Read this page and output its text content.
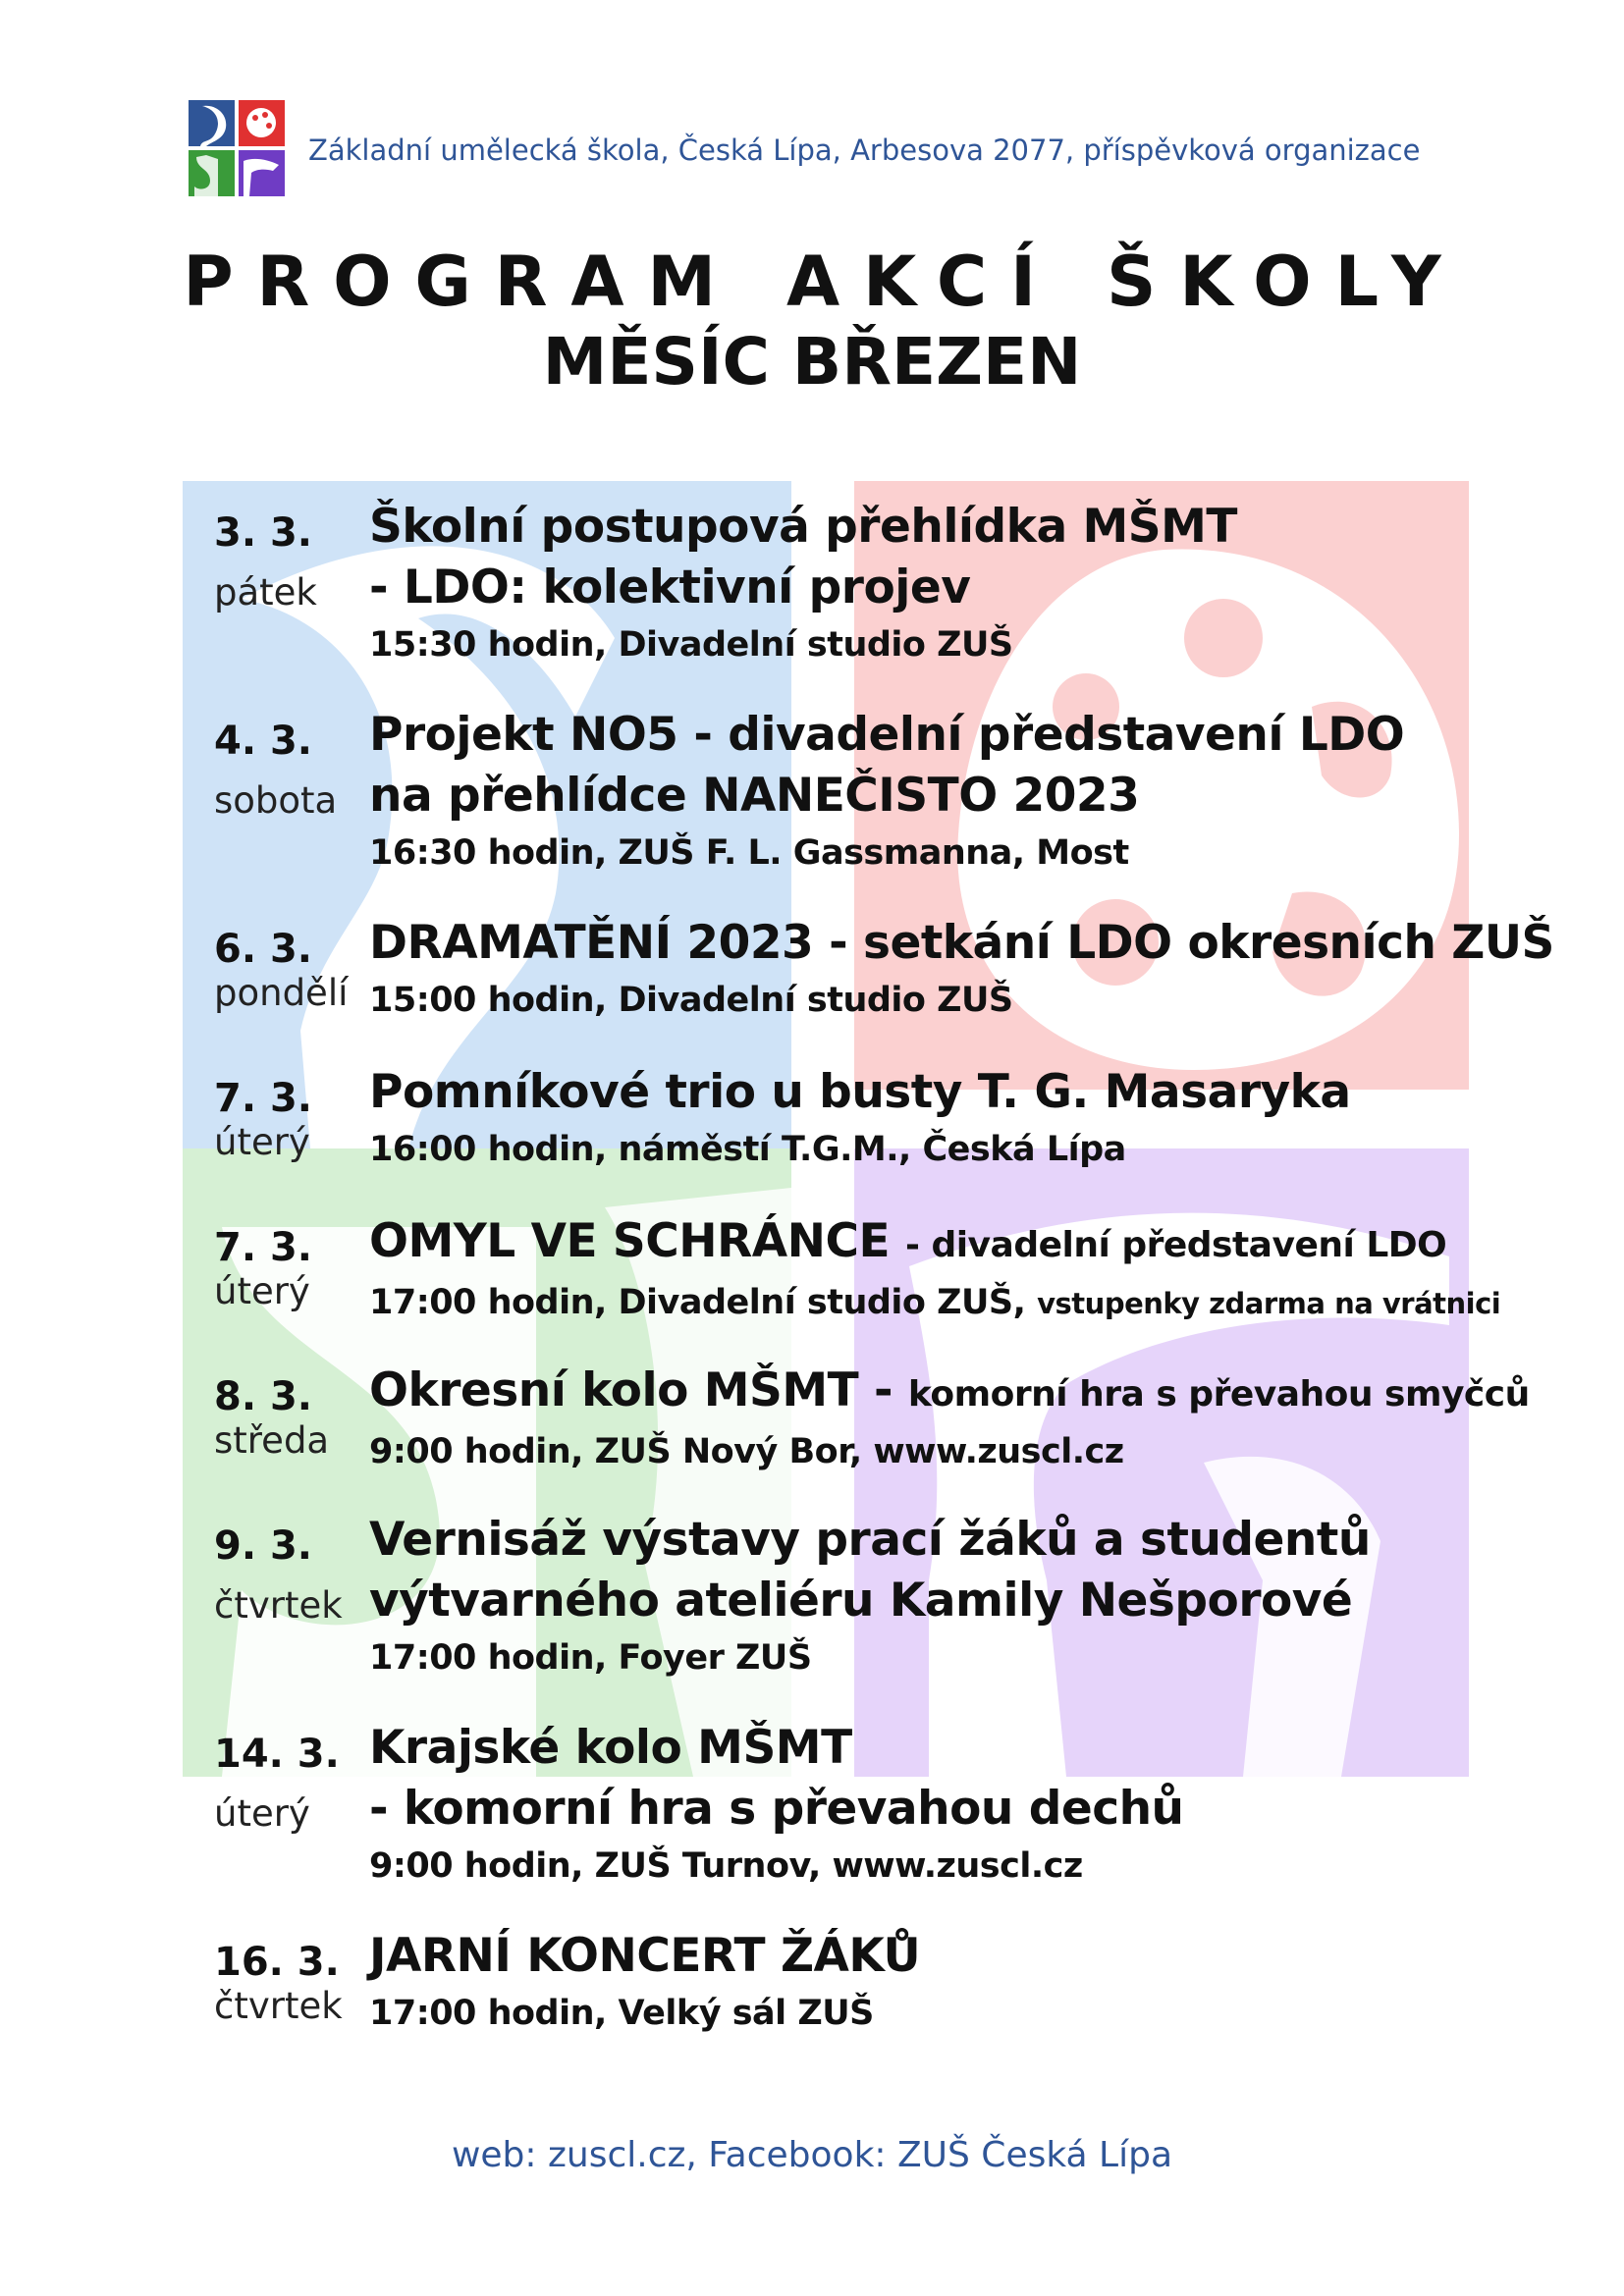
Základní umělecká škola, Česká Lípa, Arbesova 2077, příspěvková organizace
PROGRAM AKCÍ ŠKOLY
MĚSÍC BŘEZEN
3. 3.
pátek
Školní postupová přehlídka MŠMT
- LDO: kolektivní projev
15:30 hodin, Divadelní studio ZUŠ
4. 3.
sobota
Projekt NO5 - divadelní představení LDO
na přehlídce NANEČISTO 2023
16:30 hodin, ZUŠ F. L. Gassmanna, Most
6. 3.
pondělí
DRAMATĚNÍ 2023 - setkání LDO okresních ZUŠ
15:00 hodin, Divadelní studio ZUŠ
7. 3.
úterý
Pomníkové trio u busty T. G. Masaryka
16:00 hodin, náměstí T.G.M., Česká Lípa
7. 3.
úterý
OMYL VE SCHRÁNCE - divadelní představení LDO
17:00 hodin, Divadelní studio ZUŠ, vstupenky zdarma na vrátnici
8. 3.
středa
Okresní kolo MŠMT - komorní hra s převahou smyčců
9:00 hodin, ZUŠ Nový Bor, www.zuscl.cz
9. 3.
čtvrtek
Vernisáž výstavy prací žáků a studentů
výtvarného ateliéru Kamily Nešporové
17:00 hodin, Foyer ZUŠ
14. 3.
úterý
Krajské kolo MŠMT
- komorní hra s převahou dechů
9:00 hodin, ZUŠ Turnov, www.zuscl.cz
16. 3.
čtvrtek
JARNÍ KONCERT ŽÁKŮ
17:00 hodin, Velký sál ZUŠ
web: zuscl.cz, Facebook: ZUŠ Česká Lípa
